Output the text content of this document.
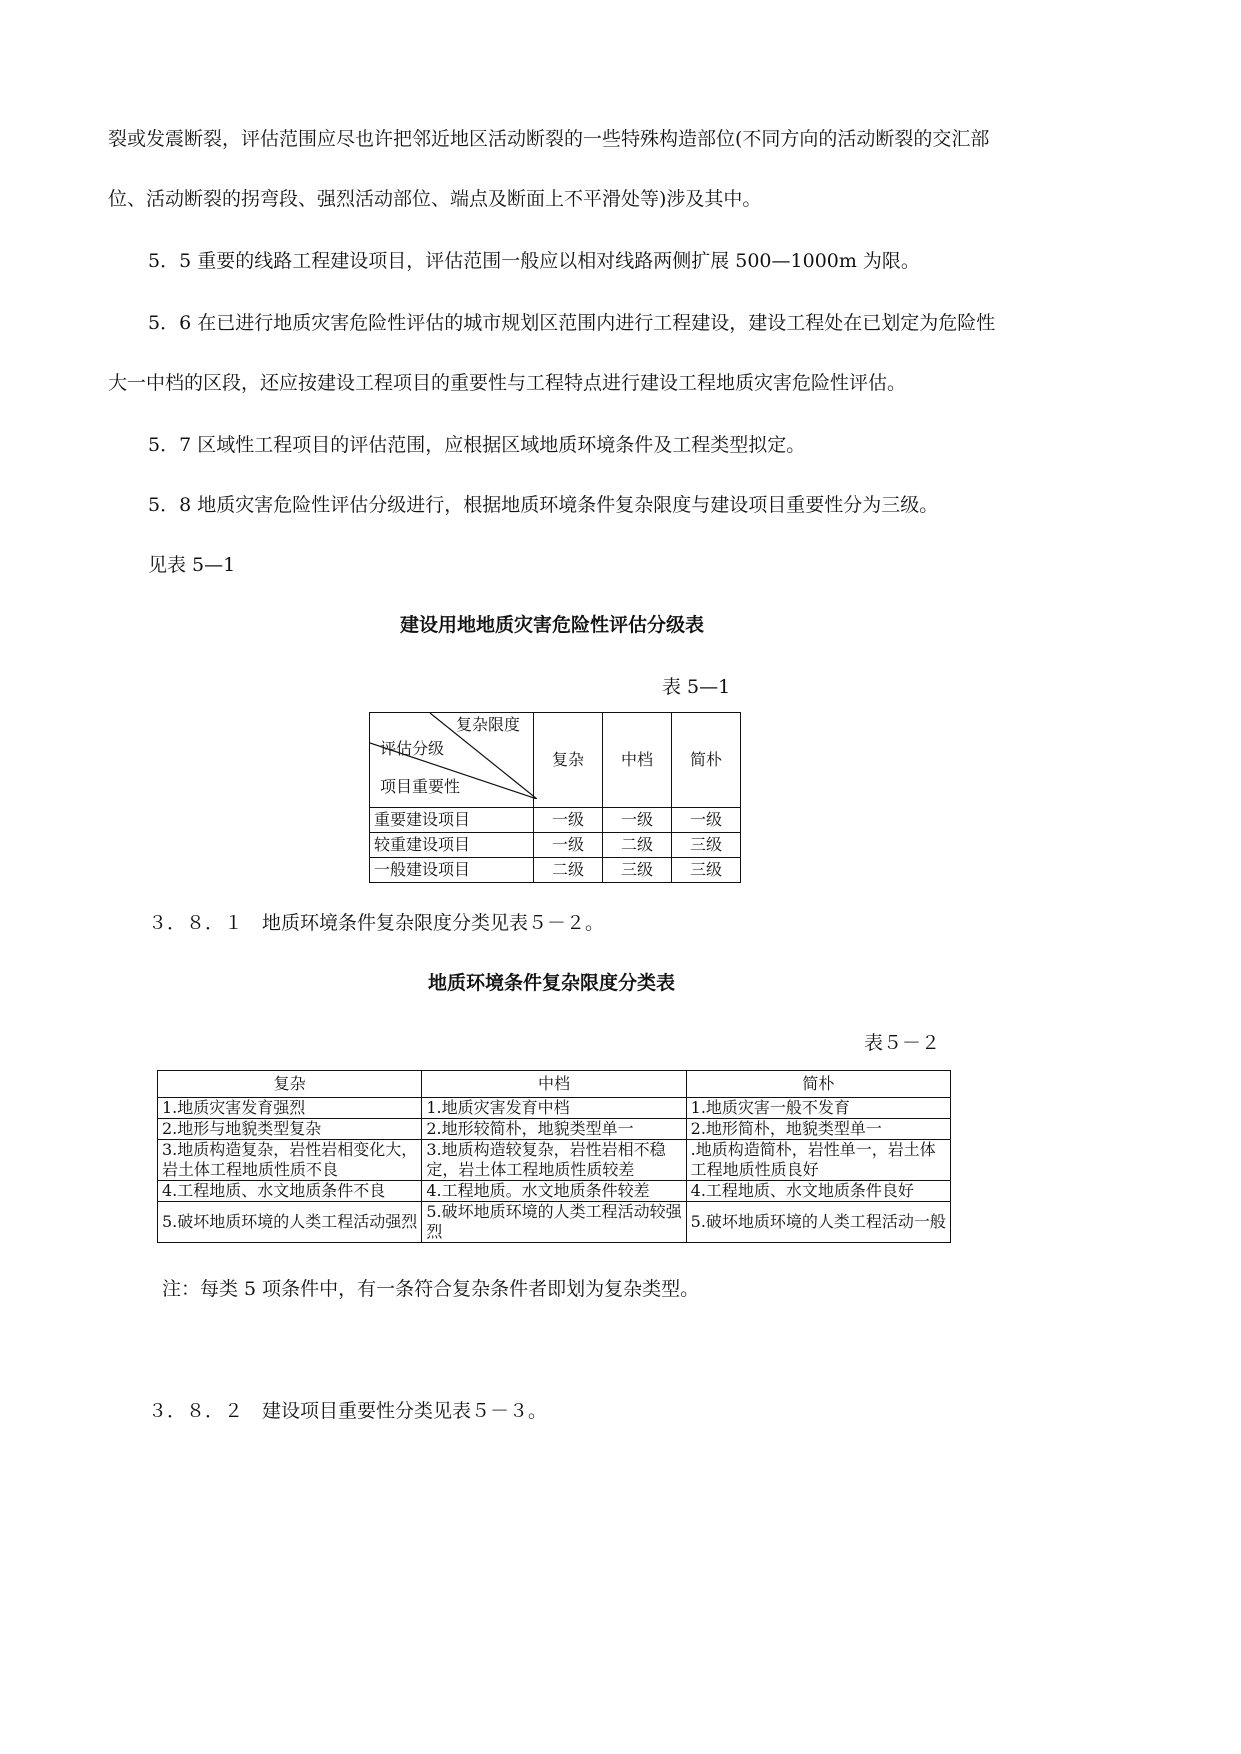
裂或发震断裂，评估范围应尽也许把邻近地区活动断裂的一些特殊构造部位(不同方向的活动断裂的交汇部
位、活动断裂的拐弯段、强烈活动部位、端点及断面上不平滑处等)涉及其中。
5．5 重要的线路工程建设项目，评估范围一般应以相对线路两侧扩展 500—1000m 为限。
5．6 在已进行地质灾害危险性评估的城市规划区范围内进行工程建设，建设工程处在已划定为危险性
大一中档的区段，还应按建设工程项目的重要性与工程特点进行建设工程地质灾害危险性评估。
5．7 区域性工程项目的评估范围，应根据区域地质环境条件及工程类型拟定。
5．8 地质灾害危险性评估分级进行，根据地质环境条件复杂限度与建设项目重要性分为三级。
见表 5—1
建设用地地质灾害危险性评估分级表
表 5—1
复杂限度
评估分级
项目重要性	复杂	中档	简朴
重要建设项目	一级	一级	一级
较重建设项目	一级	二级	三级
一般建设项目	二级	三级	三级
３．８．１　地质环境条件复杂限度分类见表５－２。
地质环境条件复杂限度分类表
表５－２
复杂	中档	简朴
1.地质灾害发育强烈	1.地质灾害发育中档	1.地质灾害一般不发育
2.地形与地貌类型复杂	2.地形较简朴，地貌类型单一	2.地形简朴，地貌类型单一
3.地质构造复杂，岩性岩相变化大，岩土体工程地质性质不良	3.地质构造较复杂，岩性岩相不稳定，岩土体工程地质性质较差	.地质构造简朴，岩性单一，岩土体工程地质性质良好
4.工程地质、水文地质条件不良	4.工程地质。水文地质条件较差	4.工程地质、水文地质条件良好
5.破坏地质环境的人类工程活动强烈	5.破坏地质环境的人类工程活动较强烈	5.破坏地质环境的人类工程活动一般
注：每类 5 项条件中，有一条符合复杂条件者即划为复杂类型。
３．８．２　建设项目重要性分类见表５－３。
